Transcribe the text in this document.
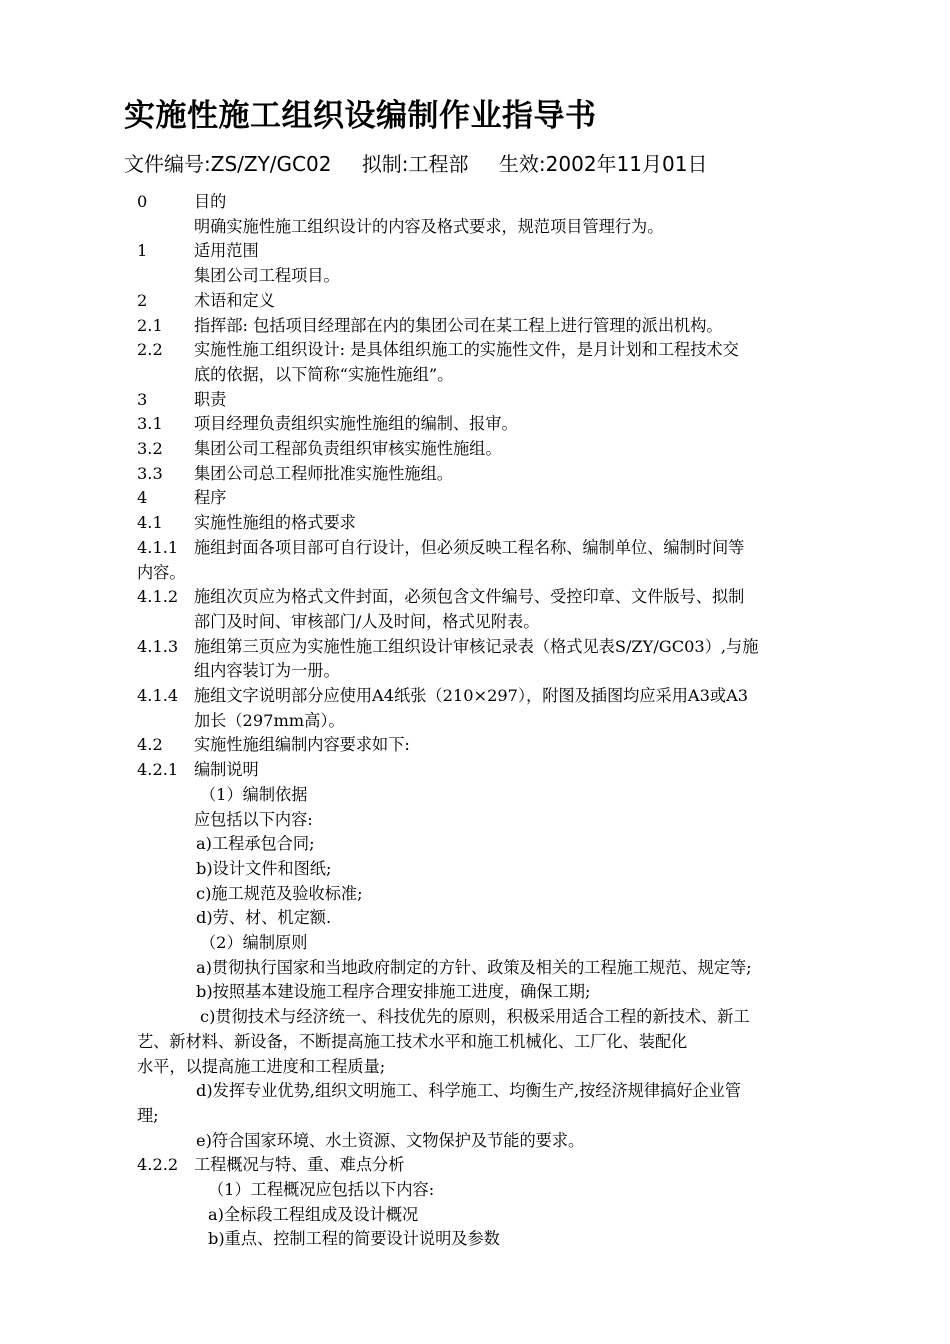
实施性施工组织设编制作业指导书
文件编号:ZS/ZY/GC02 拟制:工程部 生效:2002年11月01日
0	目的
明确实施性施工组织设计的内容及格式要求，规范项目管理行为。
1	适用范围
集团公司工程项目。
2	术语和定义
2.1 指挥部: 包括项目经理部在内的集团公司在某工程上进行管理的派出机构。
2.2 实施性施工组织设计: 是具体组织施工的实施性文件，是月计划和工程技术交
底的依据，以下简称“实施性施组”。
3	职责
3.1 项目经理负责组织实施性施组的编制、报审。
3.2 集团公司工程部负责组织审核实施性施组。
3.3 集团公司总工程师批准实施性施组。
4	程序
4.1 实施性施组的格式要求
4.1.1 施组封面各项目部可自行设计，但必须反映工程名称、编制单位、编制时间等
内容。
4.1.2 施组次页应为格式文件封面，必须包含文件编号、受控印章、文件版号、拟制
部门及时间、审核部门/人及时间，格式见附表。
4.1.3 施组第三页应为实施性施工组织设计审核记录表（格式见表S/ZY/GC03）,与施
组内容装订为一册。
4.1.4 施组文字说明部分应使用A4纸张（210×297），附图及插图均应采用A3或A3
加长（297mm高）。
4.2 实施性施组编制内容要求如下:
4.2.1 编制说明
（1）编制依据
应包括以下内容:
a)工程承包合同;
b)设计文件和图纸;
c)施工规范及验收标准;
d)劳、材、机定额.
（2）编制原则
a)贯彻执行国家和当地政府制定的方针、政策及相关的工程施工规范、规定等;
b)按照基本建设施工程序合理安排施工进度，确保工期;
c)贯彻技术与经济统一、科技优先的原则，积极采用适合工程的新技术、新工
艺、新材料、新设备，不断提高施工技术水平和施工机械化、工厂化、装配化
水平，以提高施工进度和工程质量;
d)发挥专业优势,组织文明施工、科学施工、均衡生产,按经济规律搞好企业管
理;
e)符合国家环境、水土资源、文物保护及节能的要求。
4.2.2 工程概况与特、重、难点分析
（1）工程概况应包括以下内容:
a)全标段工程组成及设计概况
b)重点、控制工程的简要设计说明及参数
